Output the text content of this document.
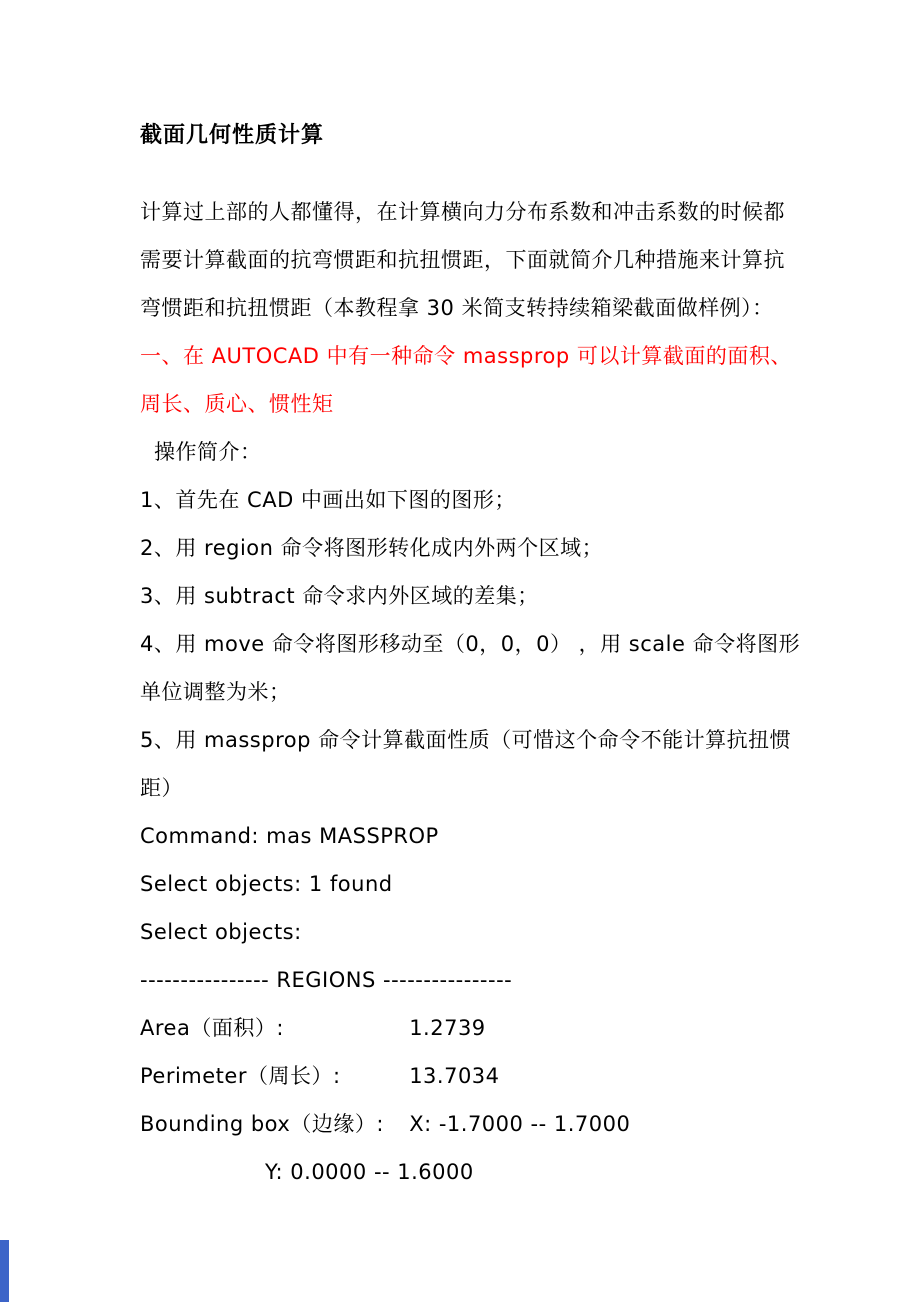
截面几何性质计算
计算过上部的人都懂得，在计算横向力分布系数和冲击系数的时候都
需要计算截面的抗弯惯距和抗扭惯距，下面就简介几种措施来计算抗
弯惯距和抗扭惯距（本教程拿 30 米简支转持续箱梁截面做样例）：
一、在 AUTOCAD 中有一种命令 massprop 可以计算截面的面积、
周长、质心、惯性矩
操作简介：
1、首先在 CAD 中画出如下图的图形；
2、用 region 命令将图形转化成内外两个区域；
3、用 subtract 命令求内外区域的差集；
4、用 move 命令将图形移动至（0，0，0） ，用 scale 命令将图形
单位调整为米；
5、用 massprop 命令计算截面性质（可惜这个命令不能计算抗扭惯
距）
Command: mas MASSPROP
Select objects: 1 found
Select objects:
---------------- REGIONS ----------------
Area（面积）:	1.2739
Perimeter（周长）:	13.7034
Bounding box（边缘）: X: -1.7000 -- 1.7000
Y: 0.0000 -- 1.6000
